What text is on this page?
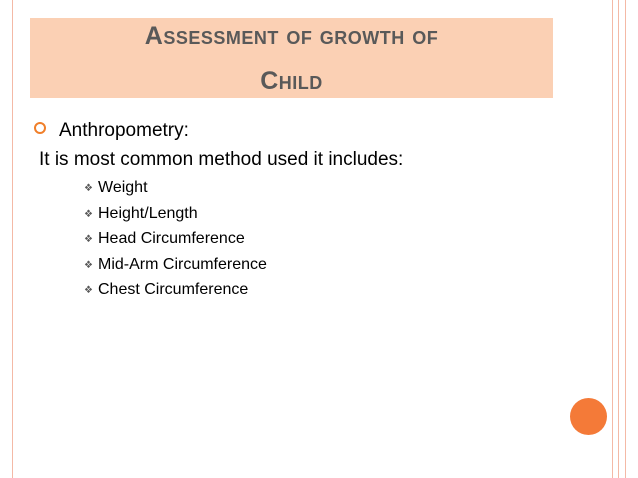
Assessment of growth of
Child
Anthropometry:
It is most common method used it includes:
❖ Weight
❖ Height/Length
❖ Head Circumference
❖ Mid-Arm Circumference
❖ Chest Circumference
